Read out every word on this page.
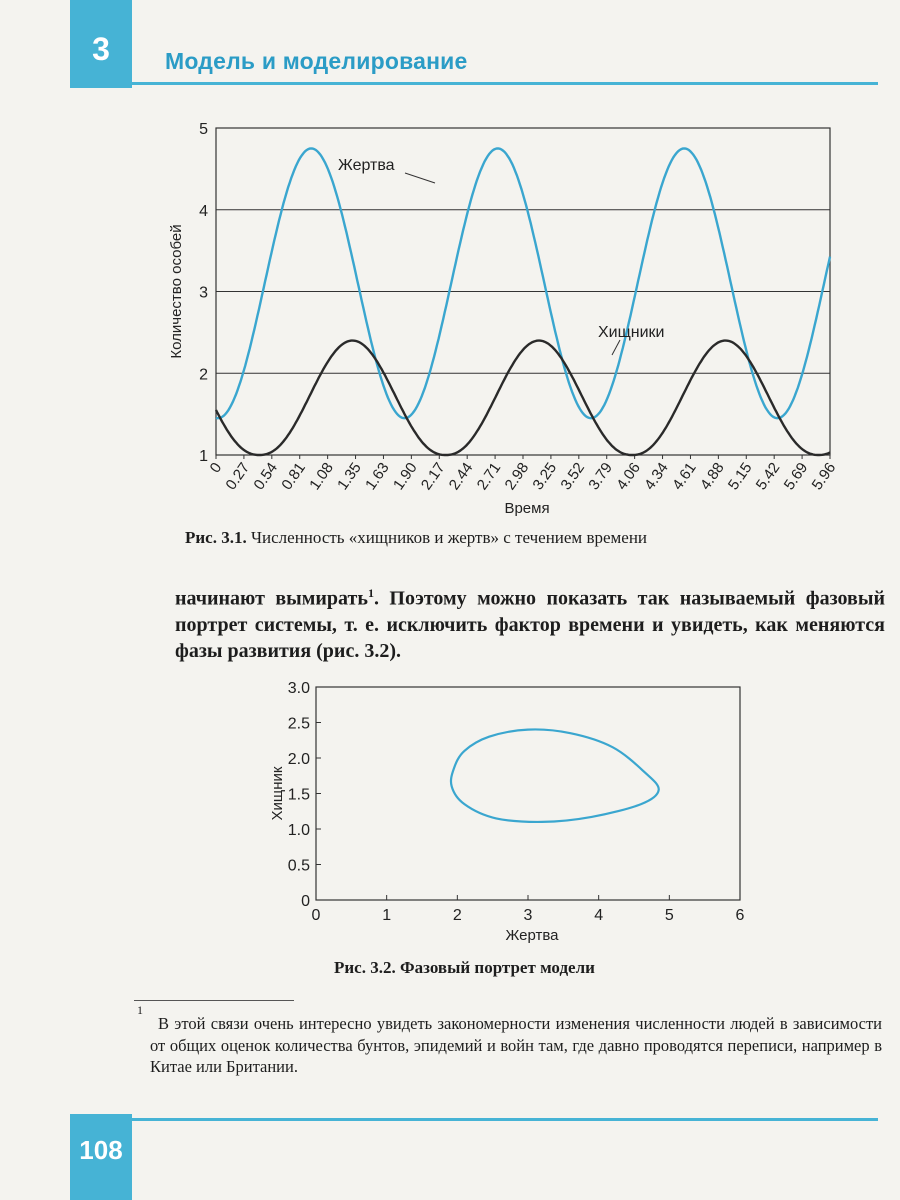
3 Модель и моделирование
1
2
3
4
5
0
0.27
0.54
0.81
1.08
1.35
1.63
1.90
2.17
2.44
2.71
2.98
3.25
3.52
3.79
4.06
4.34
4.61
4.88
5.15
5.42
5.69
5.96
Жертва
Хищники
Количество особей
Время
Рис. 3.1. Численность «хищников и жертв» с течением времени

начинают вымирать$^1$. Поэтому можно показать так называемый фазовый портрет системы, т. е. исключить фактор времени и увидеть, как меняются фазы развития (рис. 3.2).

0
0.5
1.0
1.5
2.0
2.5
3.0
0	1	2	3	4	5	6
Хищник
Жертва
Рис. 3.2. Фазовый портрет модели
1

В этой связи очень интересно увидеть закономерности изменения численности людей в зависимости от общих оценок количества бунтов, эпидемий и войн там, где давно проводятся переписи, например в Китае или Британии.

108
